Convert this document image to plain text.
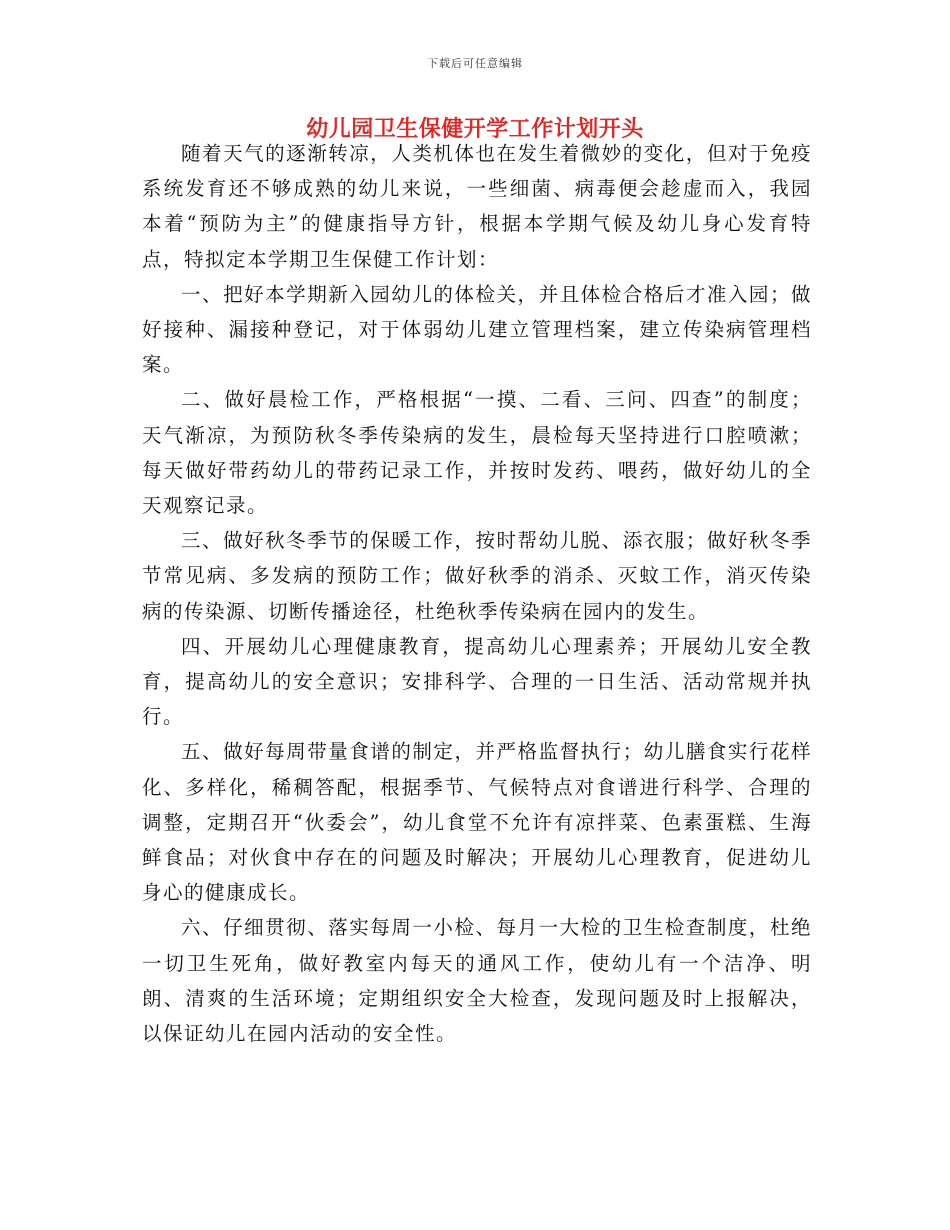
下载后可任意编辑
幼儿园卫生保健开学工作计划开头

随着天气的逐渐转凉，人类机体也在发生着微妙的变化，但对于免疫系统发育还不够成熟的幼儿来说，一些细菌、病毒便会趁虚而入，我园本着“预防为主”的健康指导方针，根据本学期气候及幼儿身心发育特点，特拟定本学期卫生保健工作计划：

一、把好本学期新入园幼儿的体检关，并且体检合格后才准入园；做好接种、漏接种登记，对于体弱幼儿建立管理档案，建立传染病管理档案。

二、做好晨检工作，严格根据“一摸、二看、三问、四查”的制度；天气渐凉，为预防秋冬季传染病的发生，晨检每天坚持进行口腔喷漱；每天做好带药幼儿的带药记录工作，并按时发药、喂药，做好幼儿的全天观察记录。

三、做好秋冬季节的保暖工作，按时帮幼儿脱、添衣服；做好秋冬季节常见病、多发病的预防工作；做好秋季的消杀、灭蚊工作，消灭传染病的传染源、切断传播途径，杜绝秋季传染病在园内的发生。

四、开展幼儿心理健康教育，提高幼儿心理素养；开展幼儿安全教育，提高幼儿的安全意识；安排科学、合理的一日生活、活动常规并执行。

五、做好每周带量食谱的制定，并严格监督执行；幼儿膳食实行花样化、多样化，稀稠答配，根据季节、气候特点对食谱进行科学、合理的调整，定期召开“伙委会”，幼儿食堂不允许有凉拌菜、色素蛋糕、生海鲜食品；对伙食中存在的问题及时解决；开展幼儿心理教育，促进幼儿身心的健康成长。

六、仔细贯彻、落实每周一小检、每月一大检的卫生检查制度，杜绝一切卫生死角，做好教室内每天的通风工作，使幼儿有一个洁净、明朗、清爽的生活环境；定期组织安全大检查，发现问题及时上报解决，以保证幼儿在园内活动的安全性。
